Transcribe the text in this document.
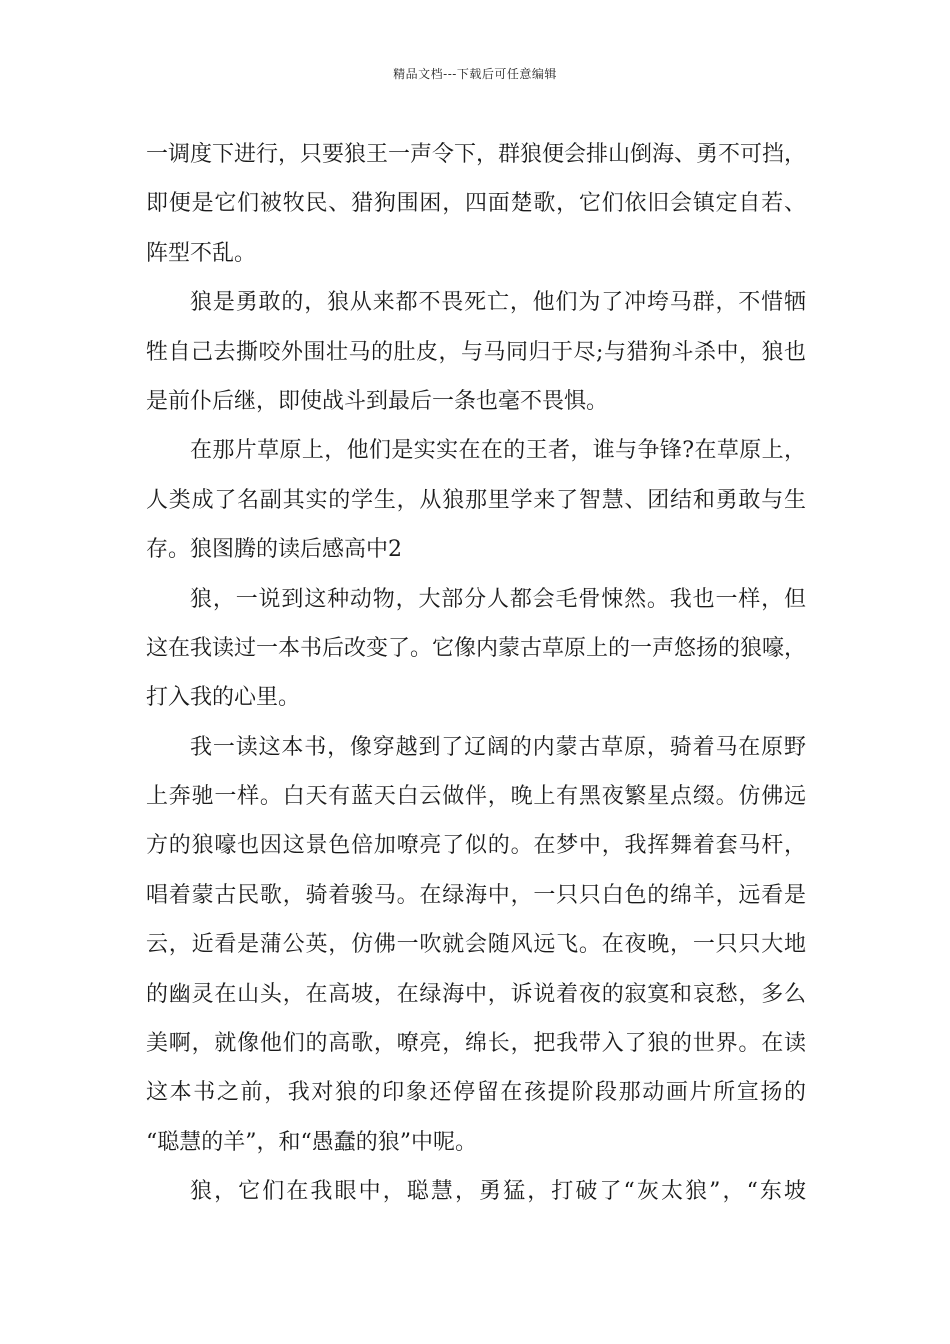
精品文档---下载后可任意编辑
一调度下进行，只要狼王一声令下，群狼便会排山倒海、勇不可挡，
即便是它们被牧民、猎狗围困，四面楚歌，它们依旧会镇定自若、
阵型不乱。
狼是勇敢的，狼从来都不畏死亡，他们为了冲垮马群，不惜牺
牲自己去撕咬外围壮马的肚皮，与马同归于尽;与猎狗斗杀中，狼也
是前仆后继，即使战斗到最后一条也毫不畏惧。
在那片草原上，他们是实实在在的王者，谁与争锋?在草原上，
人类成了名副其实的学生，从狼那里学来了智慧、团结和勇敢与生
存。狼图腾的读后感高中2
狼，一说到这种动物，大部分人都会毛骨悚然。我也一样，但
这在我读过一本书后改变了。它像内蒙古草原上的一声悠扬的狼嚎，
打入我的心里。
我一读这本书，像穿越到了辽阔的内蒙古草原，骑着马在原野
上奔驰一样。白天有蓝天白云做伴，晚上有黑夜繁星点缀。仿佛远
方的狼嚎也因这景色倍加嘹亮了似的。在梦中，我挥舞着套马杆，
唱着蒙古民歌，骑着骏马。在绿海中，一只只白色的绵羊，远看是
云，近看是蒲公英，仿佛一吹就会随风远飞。在夜晚，一只只大地
的幽灵在山头，在高坡，在绿海中，诉说着夜的寂寞和哀愁，多么
美啊，就像他们的高歌，嘹亮，绵长，把我带入了狼的世界。在读
这本书之前，我对狼的印象还停留在孩提阶段那动画片所宣扬的
“聪慧的羊”，和“愚蠢的狼”中呢。
狼，它们在我眼中，聪慧，勇猛，打破了“灰太狼”，“东坡
